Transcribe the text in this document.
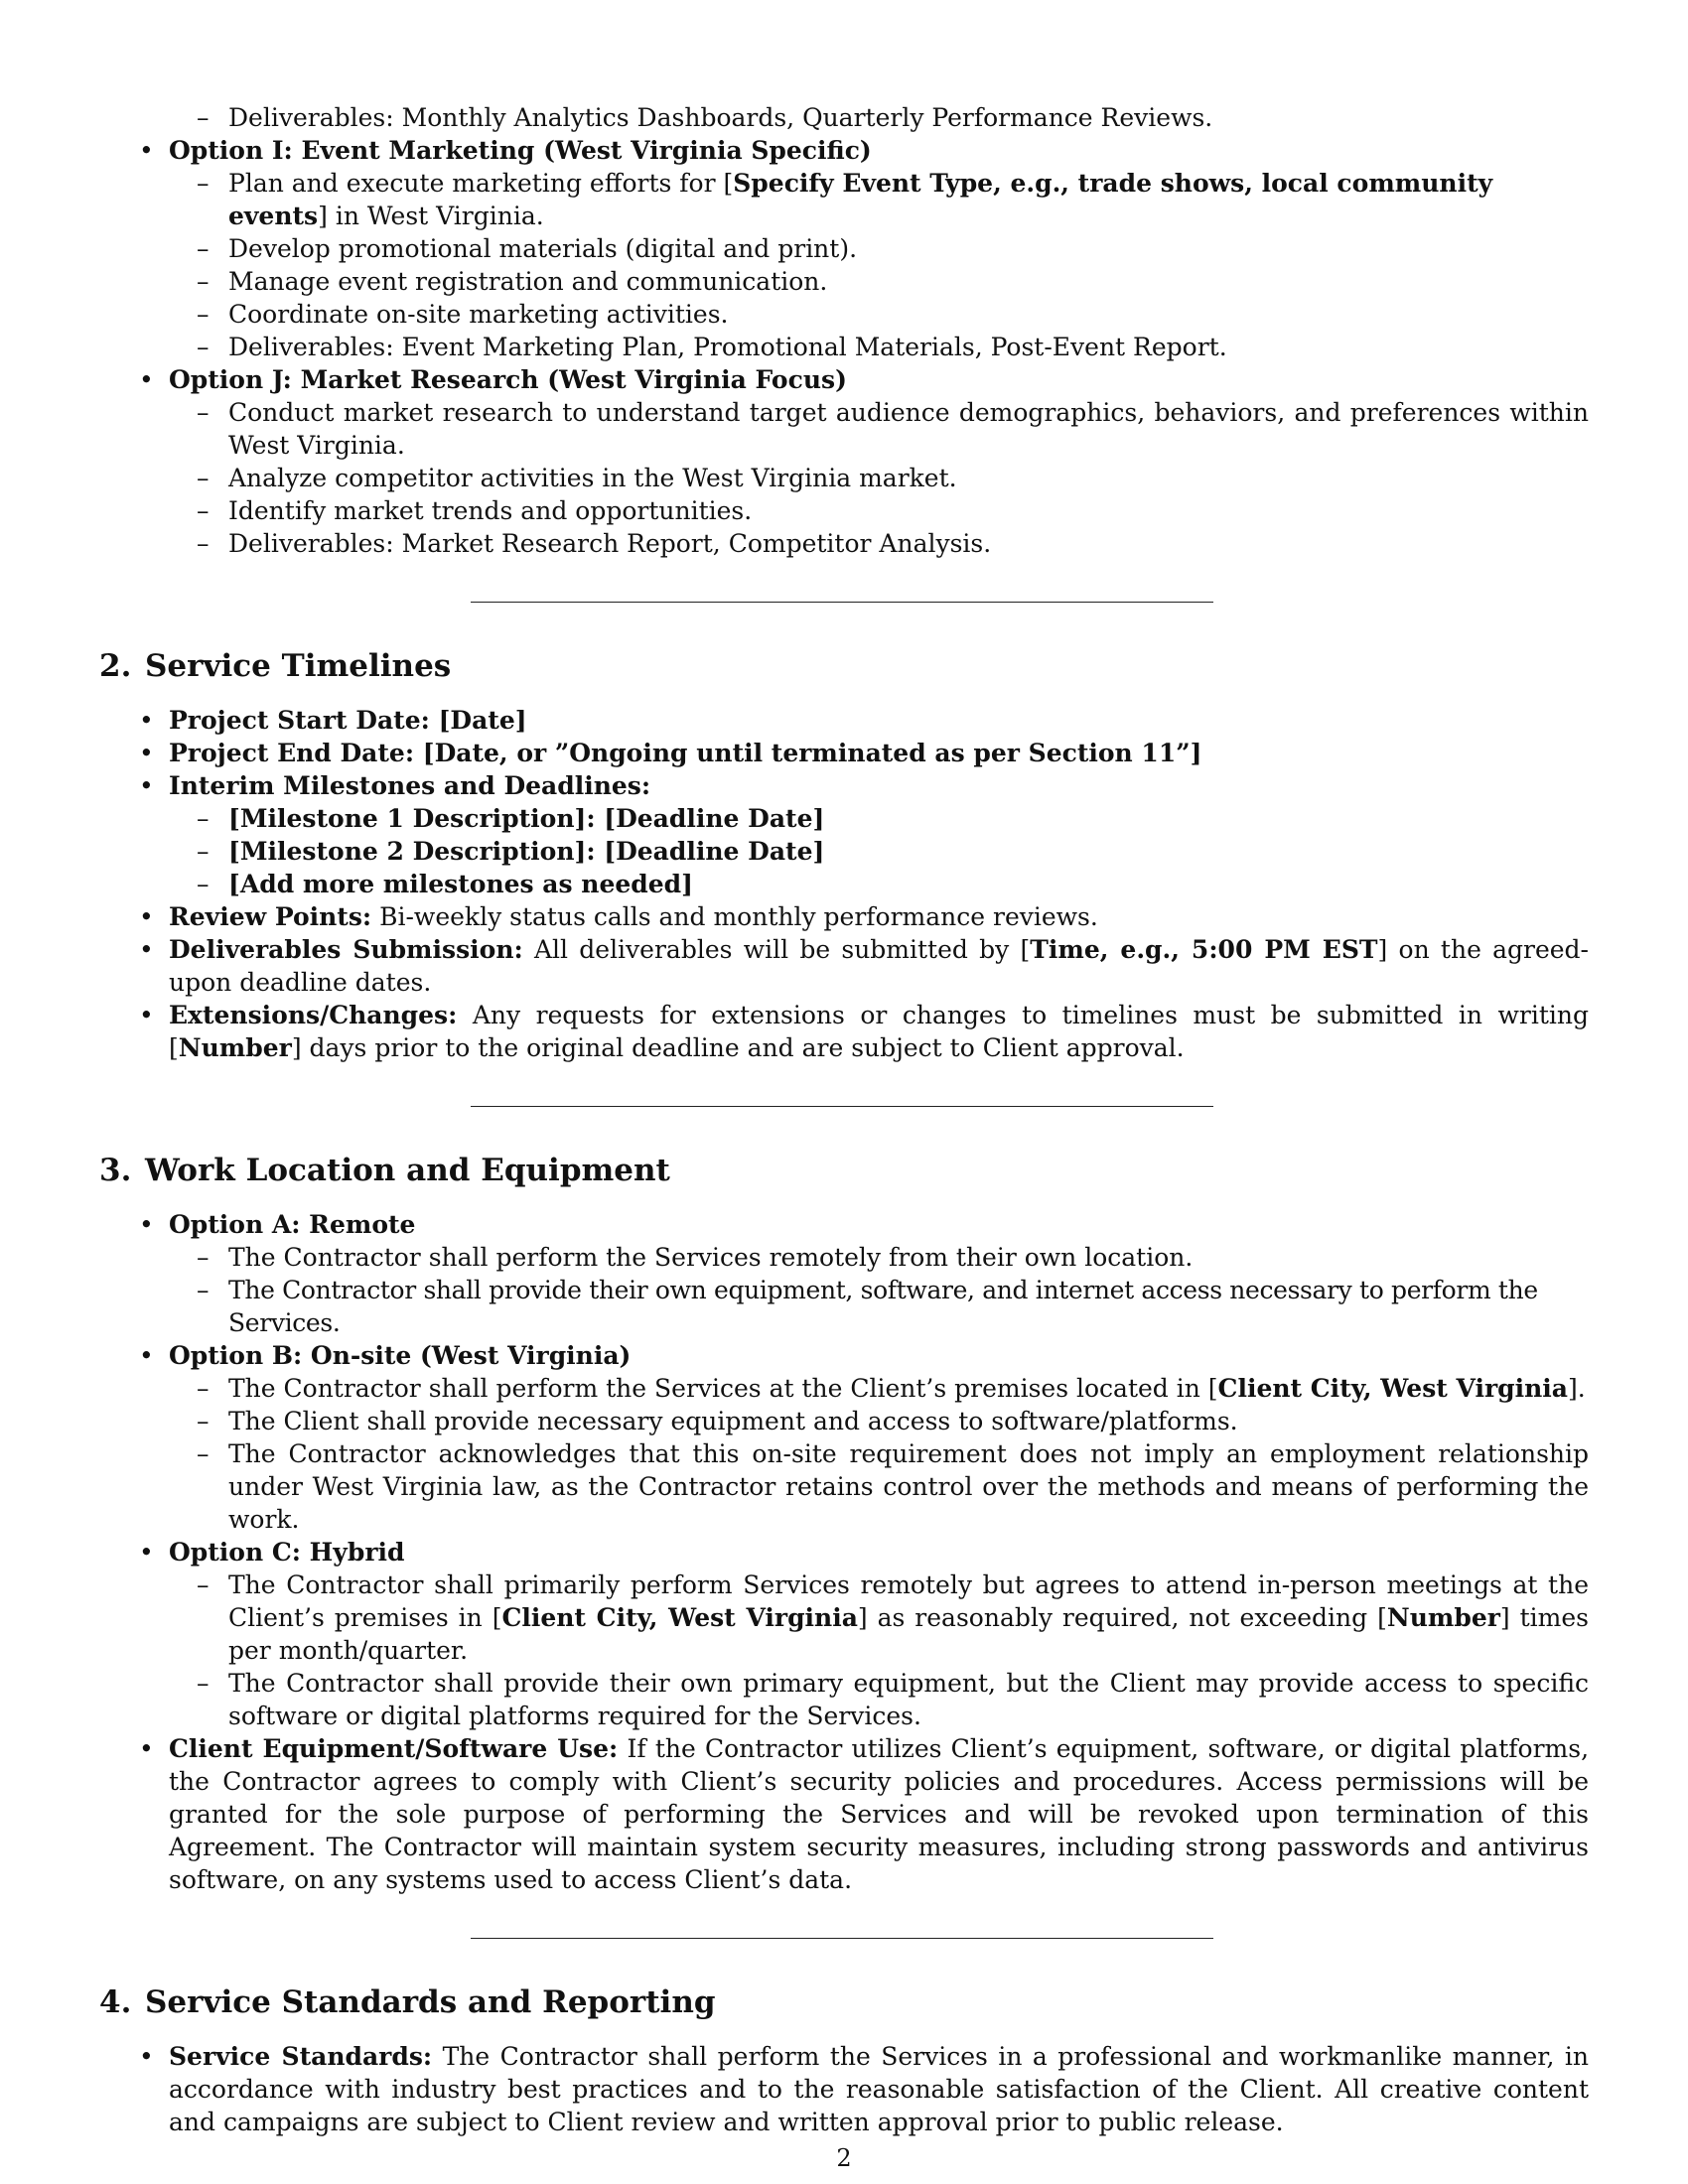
– Deliverables: Monthly Analytics Dashboards, Quarterly Performance Reviews.
• Option I: Event Marketing (West Virginia Specific)
– Plan and execute marketing efforts for [Specify Event Type, e.g., trade shows, local community events] in West Virginia.
– Develop promotional materials (digital and print).
– Manage event registration and communication.
– Coordinate on-site marketing activities.
– Deliverables: Event Marketing Plan, Promotional Materials, Post-Event Report.
• Option J: Market Research (West Virginia Focus)
– Conduct market research to understand target audience demographics, behaviors, and preferences within West Virginia.
– Analyze competitor activities in the West Virginia market.
– Identify market trends and opportunities.
– Deliverables: Market Research Report, Competitor Analysis.
2. Service Timelines
• Project Start Date: [Date]
• Project End Date: [Date, or ”Ongoing until terminated as per Section 11”]
• Interim Milestones and Deadlines:
– [Milestone 1 Description]: [Deadline Date]
– [Milestone 2 Description]: [Deadline Date]
– [Add more milestones as needed]
• Review Points: Bi-weekly status calls and monthly performance reviews.
• Deliverables Submission: All deliverables will be submitted by [Time, e.g., 5:00 PM EST] on the agreed-upon deadline dates.
• Extensions/Changes: Any requests for extensions or changes to timelines must be submitted in writing [Number] days prior to the original deadline and are subject to Client approval.
3. Work Location and Equipment
• Option A: Remote
– The Contractor shall perform the Services remotely from their own location.
– The Contractor shall provide their own equipment, software, and internet access necessary to perform the Services.
• Option B: On-site (West Virginia)
– The Contractor shall perform the Services at the Client’s premises located in [Client City, West Virginia].
– The Client shall provide necessary equipment and access to software/platforms.
– The Contractor acknowledges that this on-site requirement does not imply an employment relationship under West Virginia law, as the Contractor retains control over the methods and means of performing the work.
• Option C: Hybrid
– The Contractor shall primarily perform Services remotely but agrees to attend in-person meetings at the Client’s premises in [Client City, West Virginia] as reasonably required, not exceeding [Number] times per month/quarter.
– The Contractor shall provide their own primary equipment, but the Client may provide access to specific software or digital platforms required for the Services.
• Client Equipment/Software Use: If the Contractor utilizes Client’s equipment, software, or digital platforms, the Contractor agrees to comply with Client’s security policies and procedures. Access permissions will be granted for the sole purpose of performing the Services and will be revoked upon termination of this Agreement. The Contractor will maintain system security measures, including strong passwords and antivirus software, on any systems used to access Client’s data.
4. Service Standards and Reporting
• Service Standards: The Contractor shall perform the Services in a professional and workmanlike manner, in accordance with industry best practices and to the reasonable satisfaction of the Client. All creative content and campaigns are subject to Client review and written approval prior to public release.
2
